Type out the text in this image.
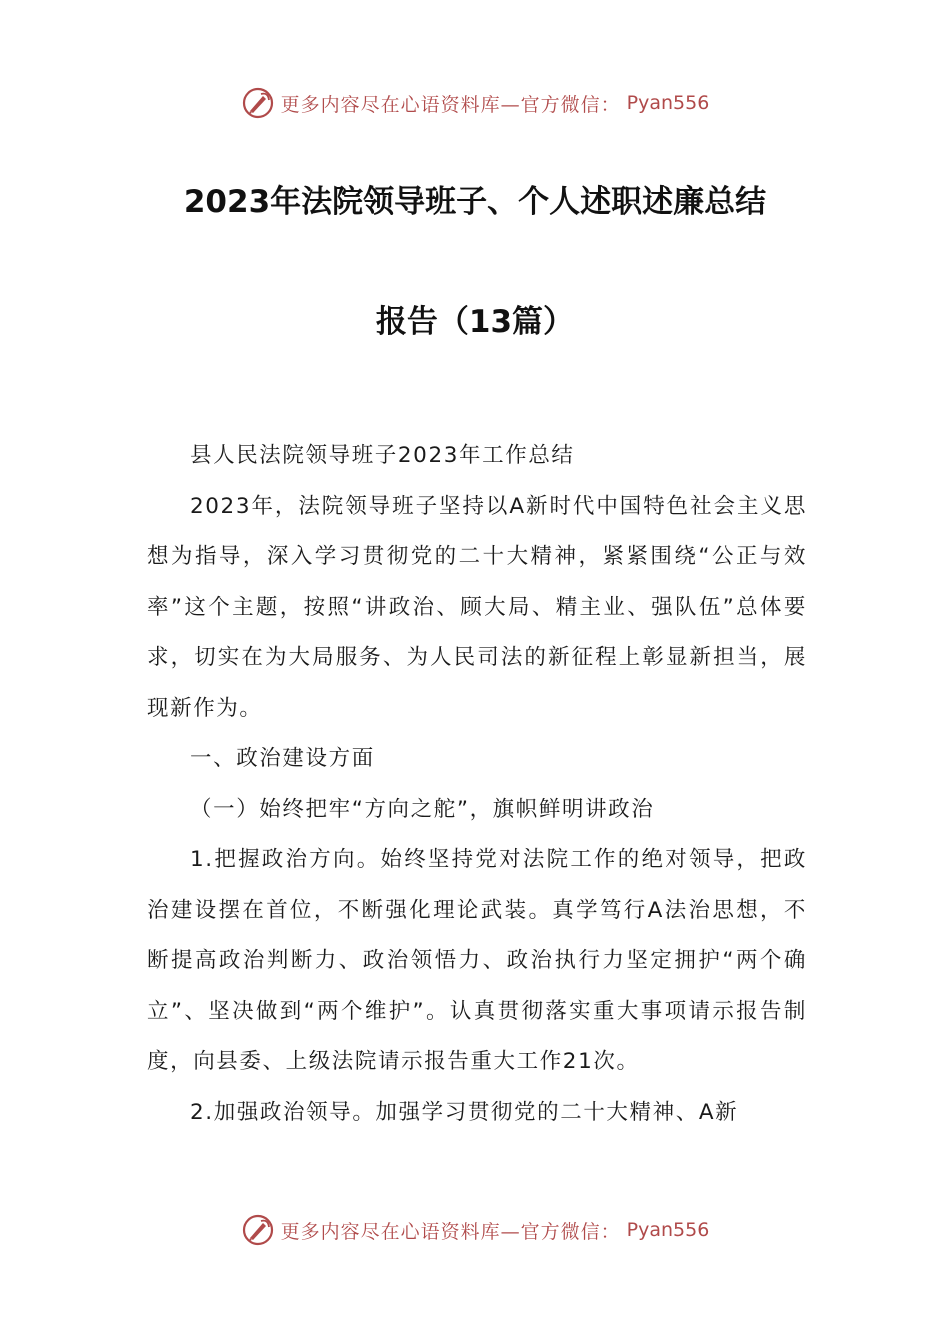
更多内容尽在心语资料库—官方微信： Pyan556
2023年法院领导班子、个人述职述廉总结
报告（13篇）

县人民法院领导班子2023年工作总结

2023年，法院领导班子坚持以A新时代中国特色社会主义思想为指导，深入学习贯彻党的二十大精神，紧紧围绕“公正与效率”这个主题，按照“讲政治、顾大局、精主业、强队伍”总体要求，切实在为大局服务、为人民司法的新征程上彰显新担当，展现新作为。

一、政治建设方面

（一）始终把牢“方向之舵”，旗帜鲜明讲政治

1.把握政治方向。始终坚持党对法院工作的绝对领导，把政治建设摆在首位，不断强化理论武装。真学笃行A法治思想，不断提高政治判断力、政治领悟力、政治执行力坚定拥护“两个确立”、坚决做到“两个维护”。认真贯彻落实重大事项请示报告制度，向县委、上级法院请示报告重大工作21次。

2.加强政治领导。加强学习贯彻党的二十大精神、A新

更多内容尽在心语资料库—官方微信： Pyan556
